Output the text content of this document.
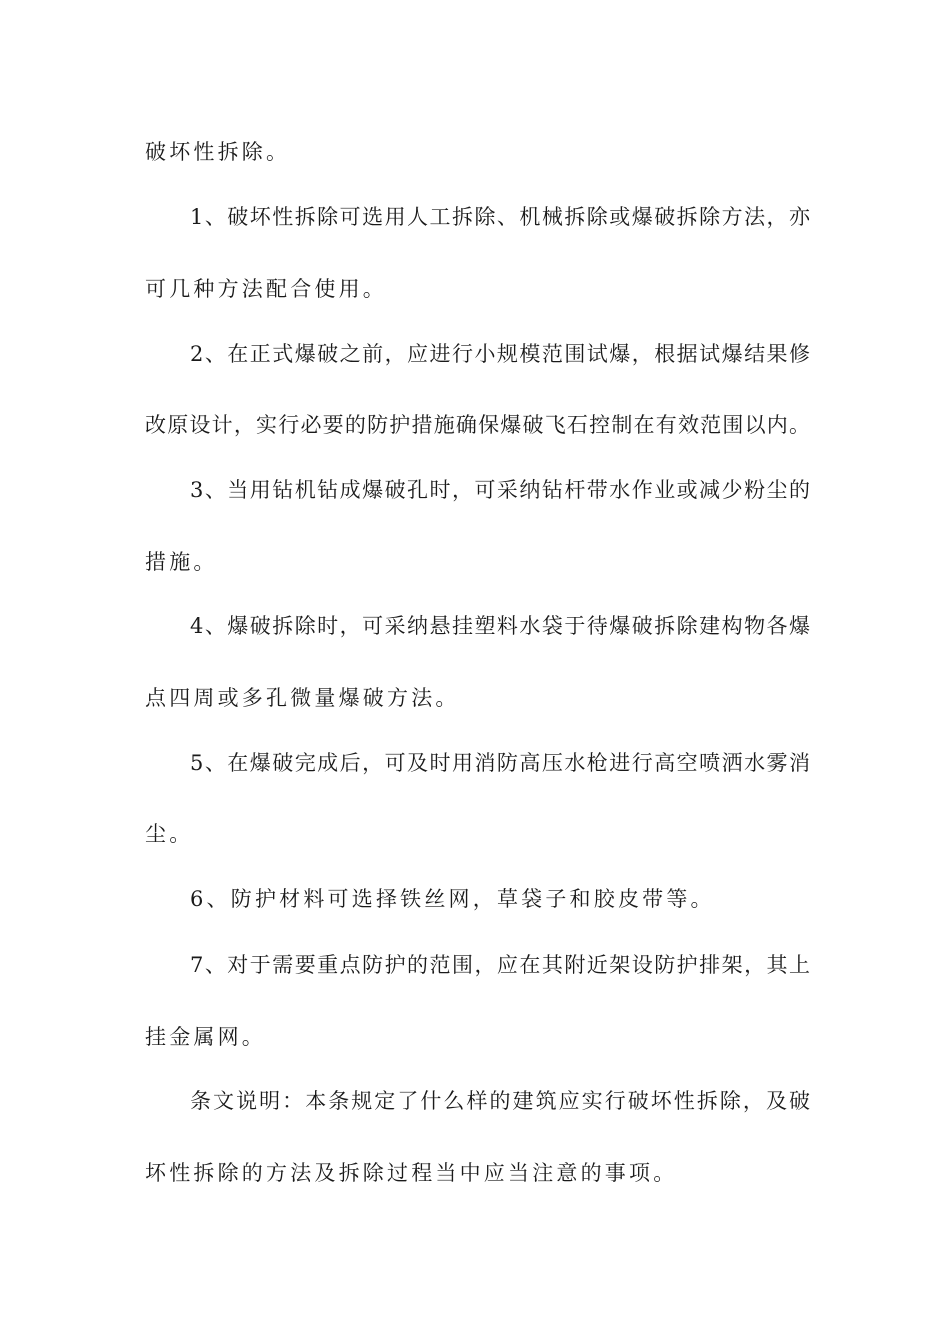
破坏性拆除。
1、破坏性拆除可选用人工拆除、机械拆除或爆破拆除方法，亦
可几种方法配合使用。
2、在正式爆破之前，应进行小规模范围试爆，根据试爆结果修
改原设计，实行必要的防护措施确保爆破飞石控制在有效范围以内。
3、当用钻机钻成爆破孔时，可采纳钻杆带水作业或减少粉尘的
措施。
4、爆破拆除时，可采纳悬挂塑料水袋于待爆破拆除建构物各爆
点四周或多孔微量爆破方法。
5、在爆破完成后，可及时用消防高压水枪进行高空喷洒水雾消
尘。
6、防护材料可选择铁丝网，草袋子和胶皮带等。
7、对于需要重点防护的范围，应在其附近架设防护排架，其上
挂金属网。
条文说明：本条规定了什么样的建筑应实行破坏性拆除，及破
坏性拆除的方法及拆除过程当中应当注意的事项。
